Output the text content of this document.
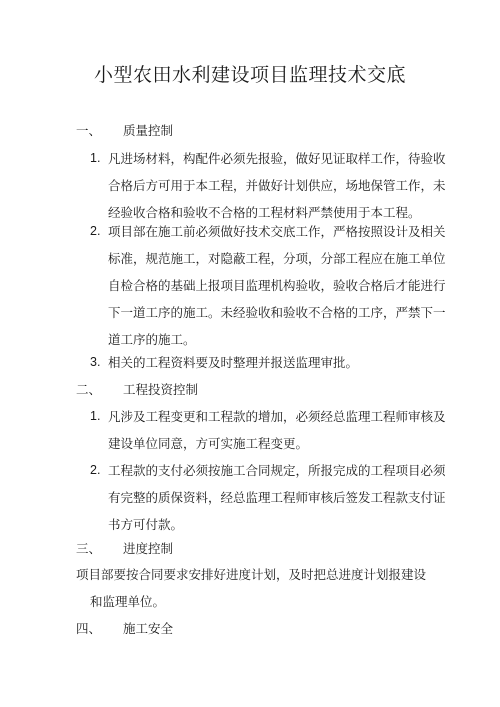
小型农田水利建设项目监理技术交底
一、 质量控制
1. 凡进场材料，构配件必须先报验，做好见证取样工作，待验收
合格后方可用于本工程，并做好计划供应，场地保管工作，未
经验收合格和验收不合格的工程材料严禁使用于本工程。
2. 项目部在施工前必须做好技术交底工作，严格按照设计及相关
标准，规范施工，对隐蔽工程，分项，分部工程应在施工单位
自检合格的基础上报项目监理机构验收，验收合格后才能进行
下一道工序的施工。未经验收和验收不合格的工序，严禁下一
道工序的施工。
3. 相关的工程资料要及时整理并报送监理审批。
二、 工程投资控制
1. 凡涉及工程变更和工程款的增加，必须经总监理工程师审核及
建设单位同意，方可实施工程变更。
2. 工程款的支付必须按施工合同规定，所报完成的工程项目必须
有完整的质保资料，经总监理工程师审核后签发工程款支付证
书方可付款。
三、 进度控制
项目部要按合同要求安排好进度计划，及时把总进度计划报建设
和监理单位。
四、 施工安全
